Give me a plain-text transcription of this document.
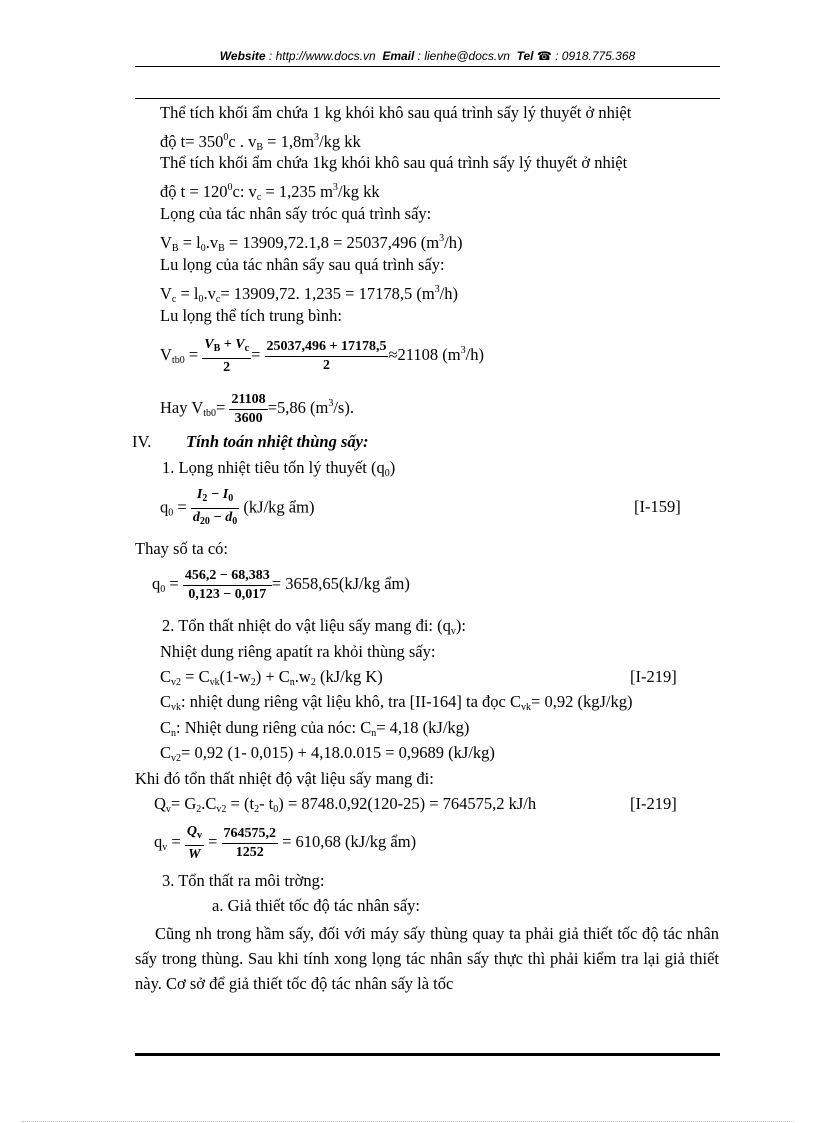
Website : http://www.docs.vn Email : lienhe@docs.vn Tel ☎ : 0918.775.368
Thể tích khối ẩm chứa 1 kg khói khô sau quá trình sấy lý thuyết ở nhiệt
độ $t= 350^0c$ . $v_B = 1,8m^3/kg$ kk
Thể tích khối ẩm chứa 1kg khói khô sau quá trình sấy lý thuyết ở nhiệt
độ $t = 120^0c$: $v_c = 1,235$ $m^3/kg$ kk
Lọng của tác nhân sấy tróc quá trình sấy:
$V_B = l_0.v_B = 13909,72.1,8 = 25037,496$ $(m^3/h)$
Lu lọng của tác nhân sấy sau quá trình sấy:
$V_c = l_0.v_c= 13909,72$. 1,235 = 17178,5 $(m^3/h)$
Lu lọng thể tích trung bình:
$V_{tb0} = \frac{V_B + V_c}{2} = \frac{25037,496 + 17178,5}{2} \approx 21108$ $(m^3/h)$
Hay $V_{tb0}= \frac{21108}{3600} =5,86$ $(m^3/s)$.
IV. Tính toán nhiệt thùng sấy:
1. Lọng nhiệt tiêu tốn lý thuyết $(q_0)$
$q_0 = \frac{I_2 - I_0}{d_{20} - d_0} (kJ/kg$ ẩm)	[I-159]
Thay số ta có:
$q_0 = \frac{456,2 - 68,383}{0,123 - 0,017} = 3658,65(kJ/kg$ ẩm)
2. Tổn thất nhiệt do vật liệu sấy mang đi: $(q_v)$:
Nhiệt dung riêng apatít ra khỏi thùng sấy:
$C_{v2} = C_{vk}(1-w_2) + C_n.w_2$ (kJ/kg K)	[I-219]
$C_{vk}$: nhiệt dung riêng vật liệu khô, tra [II-164] ta đọc $C_{vk}= 0,92$ (kgJ/kg)
$C_n$: Nhiệt dung riêng của nóc: $C_n= 4,18$ (kJ/kg)
$C_{v2}= 0,92$ (1- 0,015) + 4,18.0.015 = 0,9689 (kJ/kg)
Khi đó tổn thất nhiệt độ vật liệu sấy mang đi:
$Q_v= G_2.C_{v2} = (t_2-$ $t_0) = 8748.0,92(120-25) = 764575,2$ kJ/h	[I-219]
$q_v = \frac{Q_v}{W} = \frac{764575,2}{1252} = 610,68$ (kJ/kg ẩm)
3. Tổn thất ra môi trờng:
a. Giả thiết tốc độ tác nhân sấy:
Cũng nh trong hầm sấy, đối với máy sấy thùng quay ta phải giả thiết tốc độ tác nhân sấy trong thùng. Sau khi tính xong lọng tác nhân sấy thực thì phải kiểm tra lại giả thiết này. Cơ sở để giả thiết tốc độ tác nhân sấy là tốc
